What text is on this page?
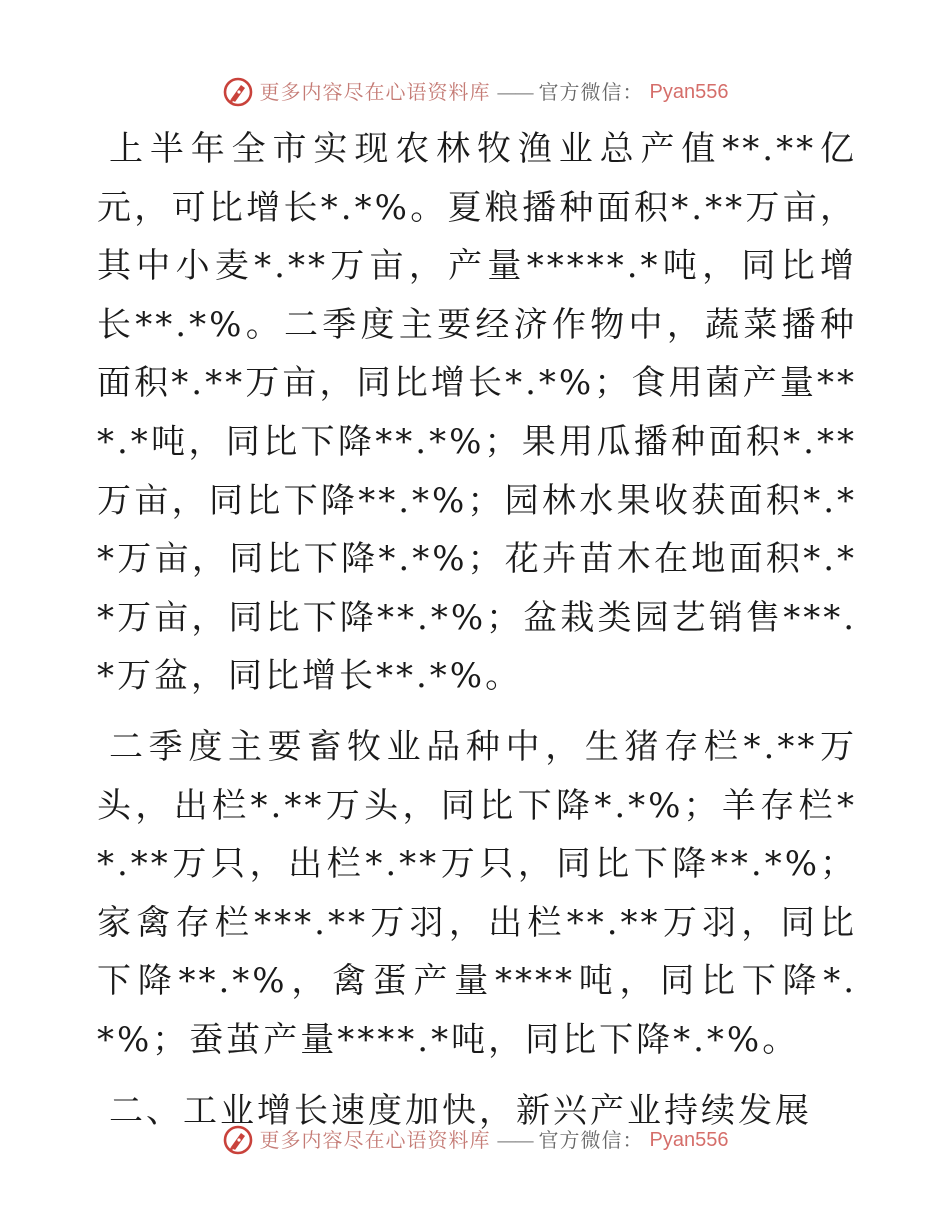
更多内容尽在心语资料库 —— 官方微信： Pyan556

上半年全市实现农林牧渔业总产值**.**亿元，可比增长*.*%。夏粮播种面积*.**万亩，其中小麦*.**万亩，产量*****.*吨，同比增长**.*%。二季度主要经济作物中，蔬菜播种面积*.**万亩，同比增长*.*%；食用菌产量***.*吨，同比下降**.*%；果用瓜播种面积*.**万亩，同比下降**.*%；园林水果收获面积*.**万亩，同比下降*.*%；花卉苗木在地面积*.**万亩，同比下降**.*%；盆栽类园艺销售***.*万盆，同比增长**.*%。

二季度主要畜牧业品种中，生猪存栏*.**万头，出栏*.**万头，同比下降*.*%；羊存栏**.**万只，出栏*.**万只，同比下降**.*%；家禽存栏***.**万羽，出栏**.**万羽，同比下降**.*%，禽蛋产量****吨，同比下降*.*%；蚕茧产量****.*吨，同比下降*.*%。

二、工业增长速度加快，新兴产业持续发展
更多内容尽在心语资料库 —— 官方微信： Pyan556
